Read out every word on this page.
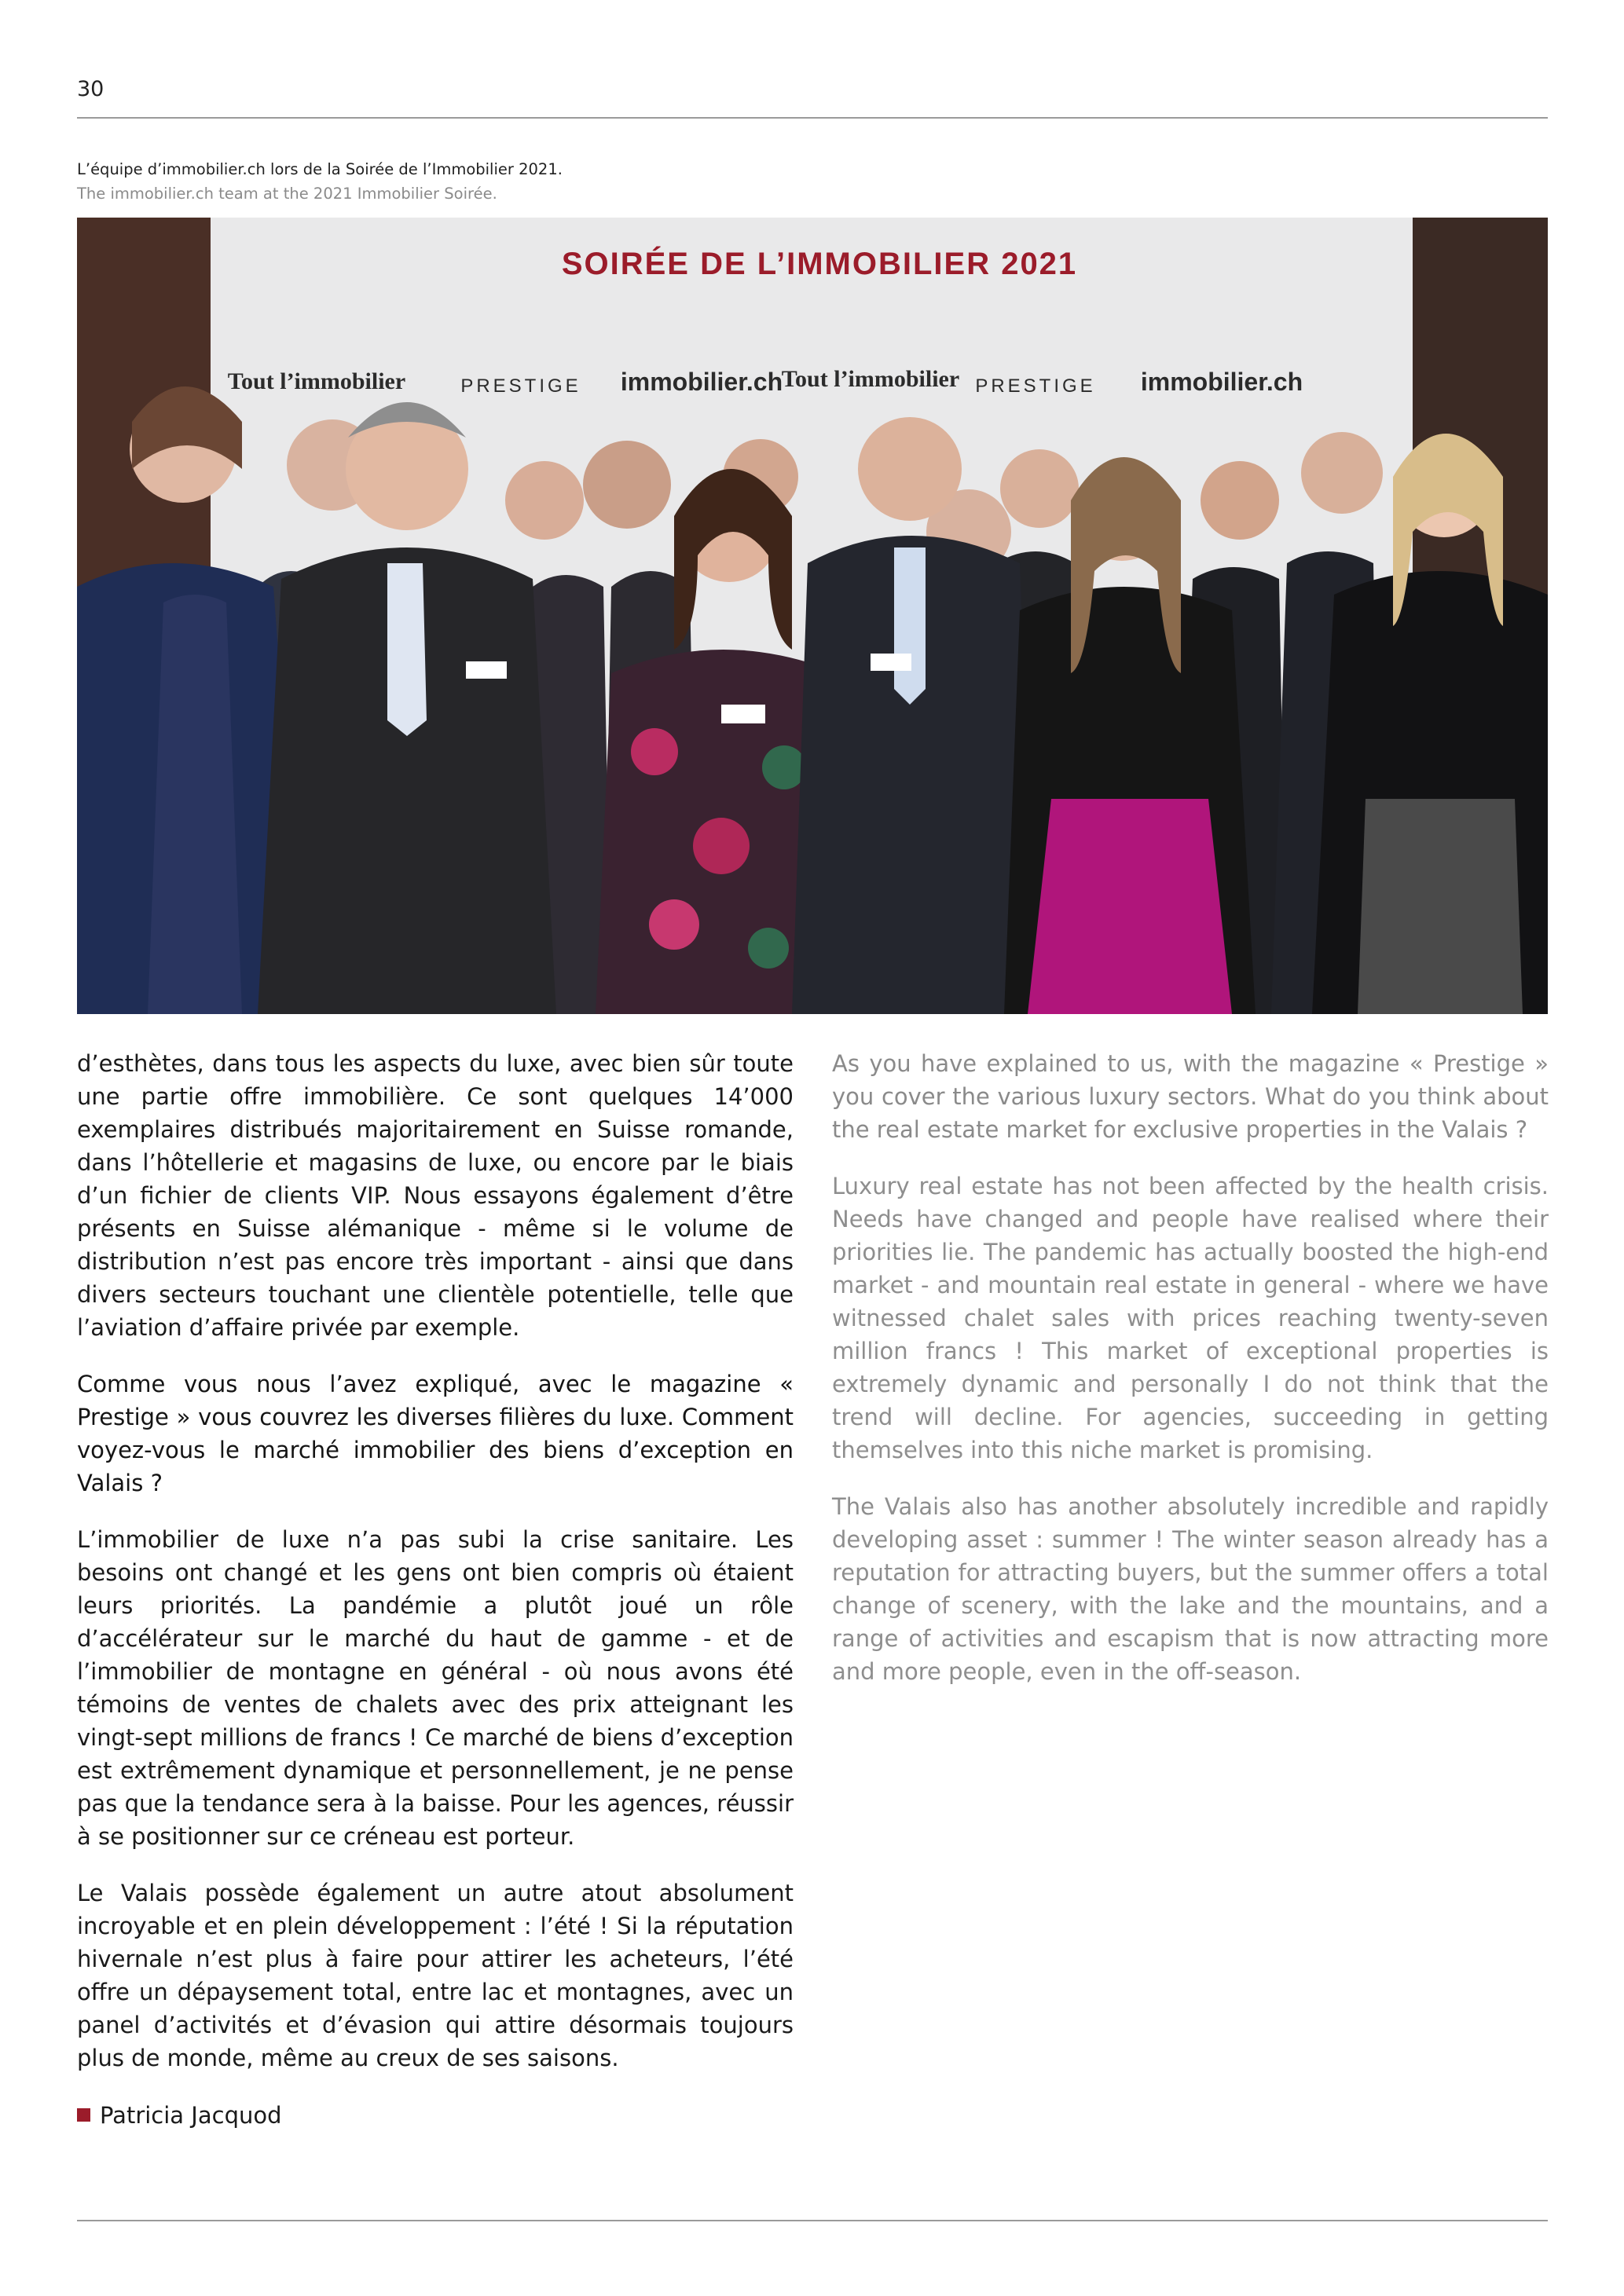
30
L’équipe d’immobilier.ch lors de la Soirée de l’Immobilier 2021.
The immobilier.ch team at the 2021 Immobilier Soirée.
SOIRÉE DE L’IMMOBILIER 2021
Tout l’immobilier	Tout l’immobilier
PRESTIGE	PRESTIGE
immobilier.ch	immobilier.ch

d’esthètes, dans tous les aspects du luxe, avec bien sûr toute une partie offre immobilière. Ce sont quelques 14’000 exemplaires distribués majoritairement en Suisse romande, dans l’hôtellerie et magasins de luxe, ou encore par le biais d’un fichier de clients VIP. Nous essayons également d’être présents en Suisse alémanique - même si le volume de distribution n’est pas encore très important - ainsi que dans divers secteurs touchant une clientèle potentielle, telle que l’aviation d’affaire privée par exemple.

Comme vous nous l’avez expliqué, avec le magazine « Prestige » vous couvrez les diverses filières du luxe. Comment voyez-vous le marché immobilier des biens d’exception en Valais ?

L’immobilier de luxe n’a pas subi la crise sanitaire. Les besoins ont changé et les gens ont bien compris où étaient leurs priorités. La pandémie a plutôt joué un rôle d’accélérateur sur le marché du haut de gamme - et de l’immobilier de montagne en général - où nous avons été témoins de ventes de chalets avec des prix atteignant les vingt-sept millions de francs ! Ce marché de biens d’exception est extrêmement dynamique et personnellement, je ne pense pas que la tendance sera à la baisse. Pour les agences, réussir à se positionner sur ce créneau est porteur.

Le Valais possède également un autre atout absolument incroyable et en plein développement : l’été ! Si la réputation hivernale n’est plus à faire pour attirer les acheteurs, l’été offre un dépaysement total, entre lac et montagnes, avec un panel d’activités et d’évasion qui attire désormais toujours plus de monde, même au creux de ses saisons.

As you have explained to us, with the magazine « Prestige » you cover the various luxury sectors. What do you think about the real estate market for exclusive properties in the Valais ?

Luxury real estate has not been affected by the health crisis. Needs have changed and people have realised where their priorities lie. The pandemic has actually boosted the high-end market - and mountain real estate in general - where we have witnessed chalet sales with prices reaching twenty-seven million francs ! This market of exceptional properties is extremely dynamic and personally I do not think that the trend will decline. For agencies, succeeding in getting themselves into this niche market is promising.

The Valais also has another absolutely incredible and rapidly developing asset : summer ! The winter season already has a reputation for attracting buyers, but the summer offers a total change of scenery, with the lake and the mountains, and a range of activities and escapism that is now attracting more and more people, even in the off-season.

Patricia Jacquod
